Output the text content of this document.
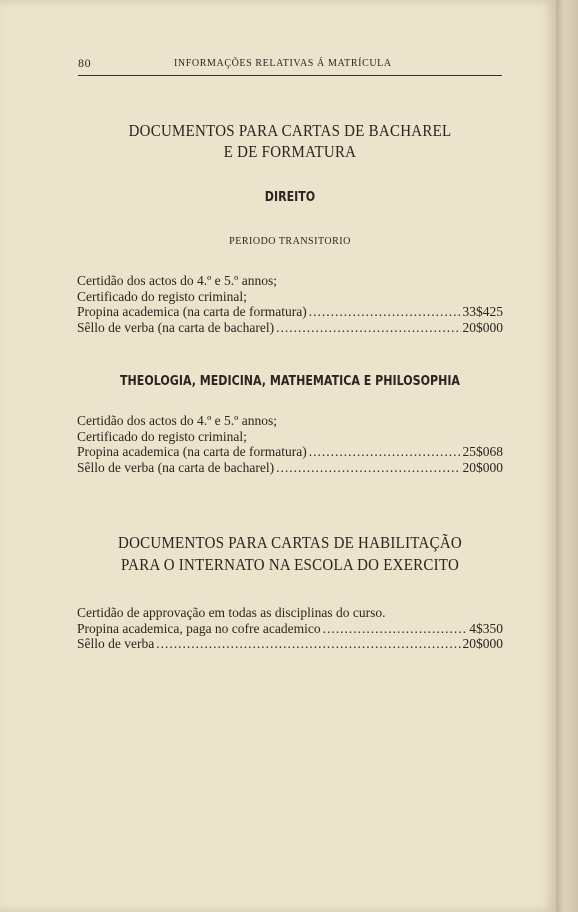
80	INFORMAÇÕES RELATIVAS Á MATRÍCULA
DOCUMENTOS PARA CARTAS DE BACHAREL
E DE FORMATURA
DIREITO
PERIODO TRANSITORIO
Certidão dos actos do 4.º e 5.º annos;
Certificado do registo criminal;
Propina academica (na carta de formatura) .....	33$425
Sêllo de verba (na carta de bacharel) .....	20$000
THEOLOGIA, MEDICINA, MATHEMATICA E PHILOSOPHIA
Certidão dos actos do 4.º e 5.º annos;
Certificado do registo criminal;
Propina academica (na carta de formatura) .....	25$068
Sêllo de verba (na carta de bacharel) .....	20$000
DOCUMENTOS PARA CARTAS DE HABILITAÇÃO
PARA O INTERNATO NA ESCOLA DO EXERCITO
Certidão de approvação em todas as disciplinas do curso.
Propina academica, paga no cofre academico .....	4$350
Sêllo de verba .....	20$000
